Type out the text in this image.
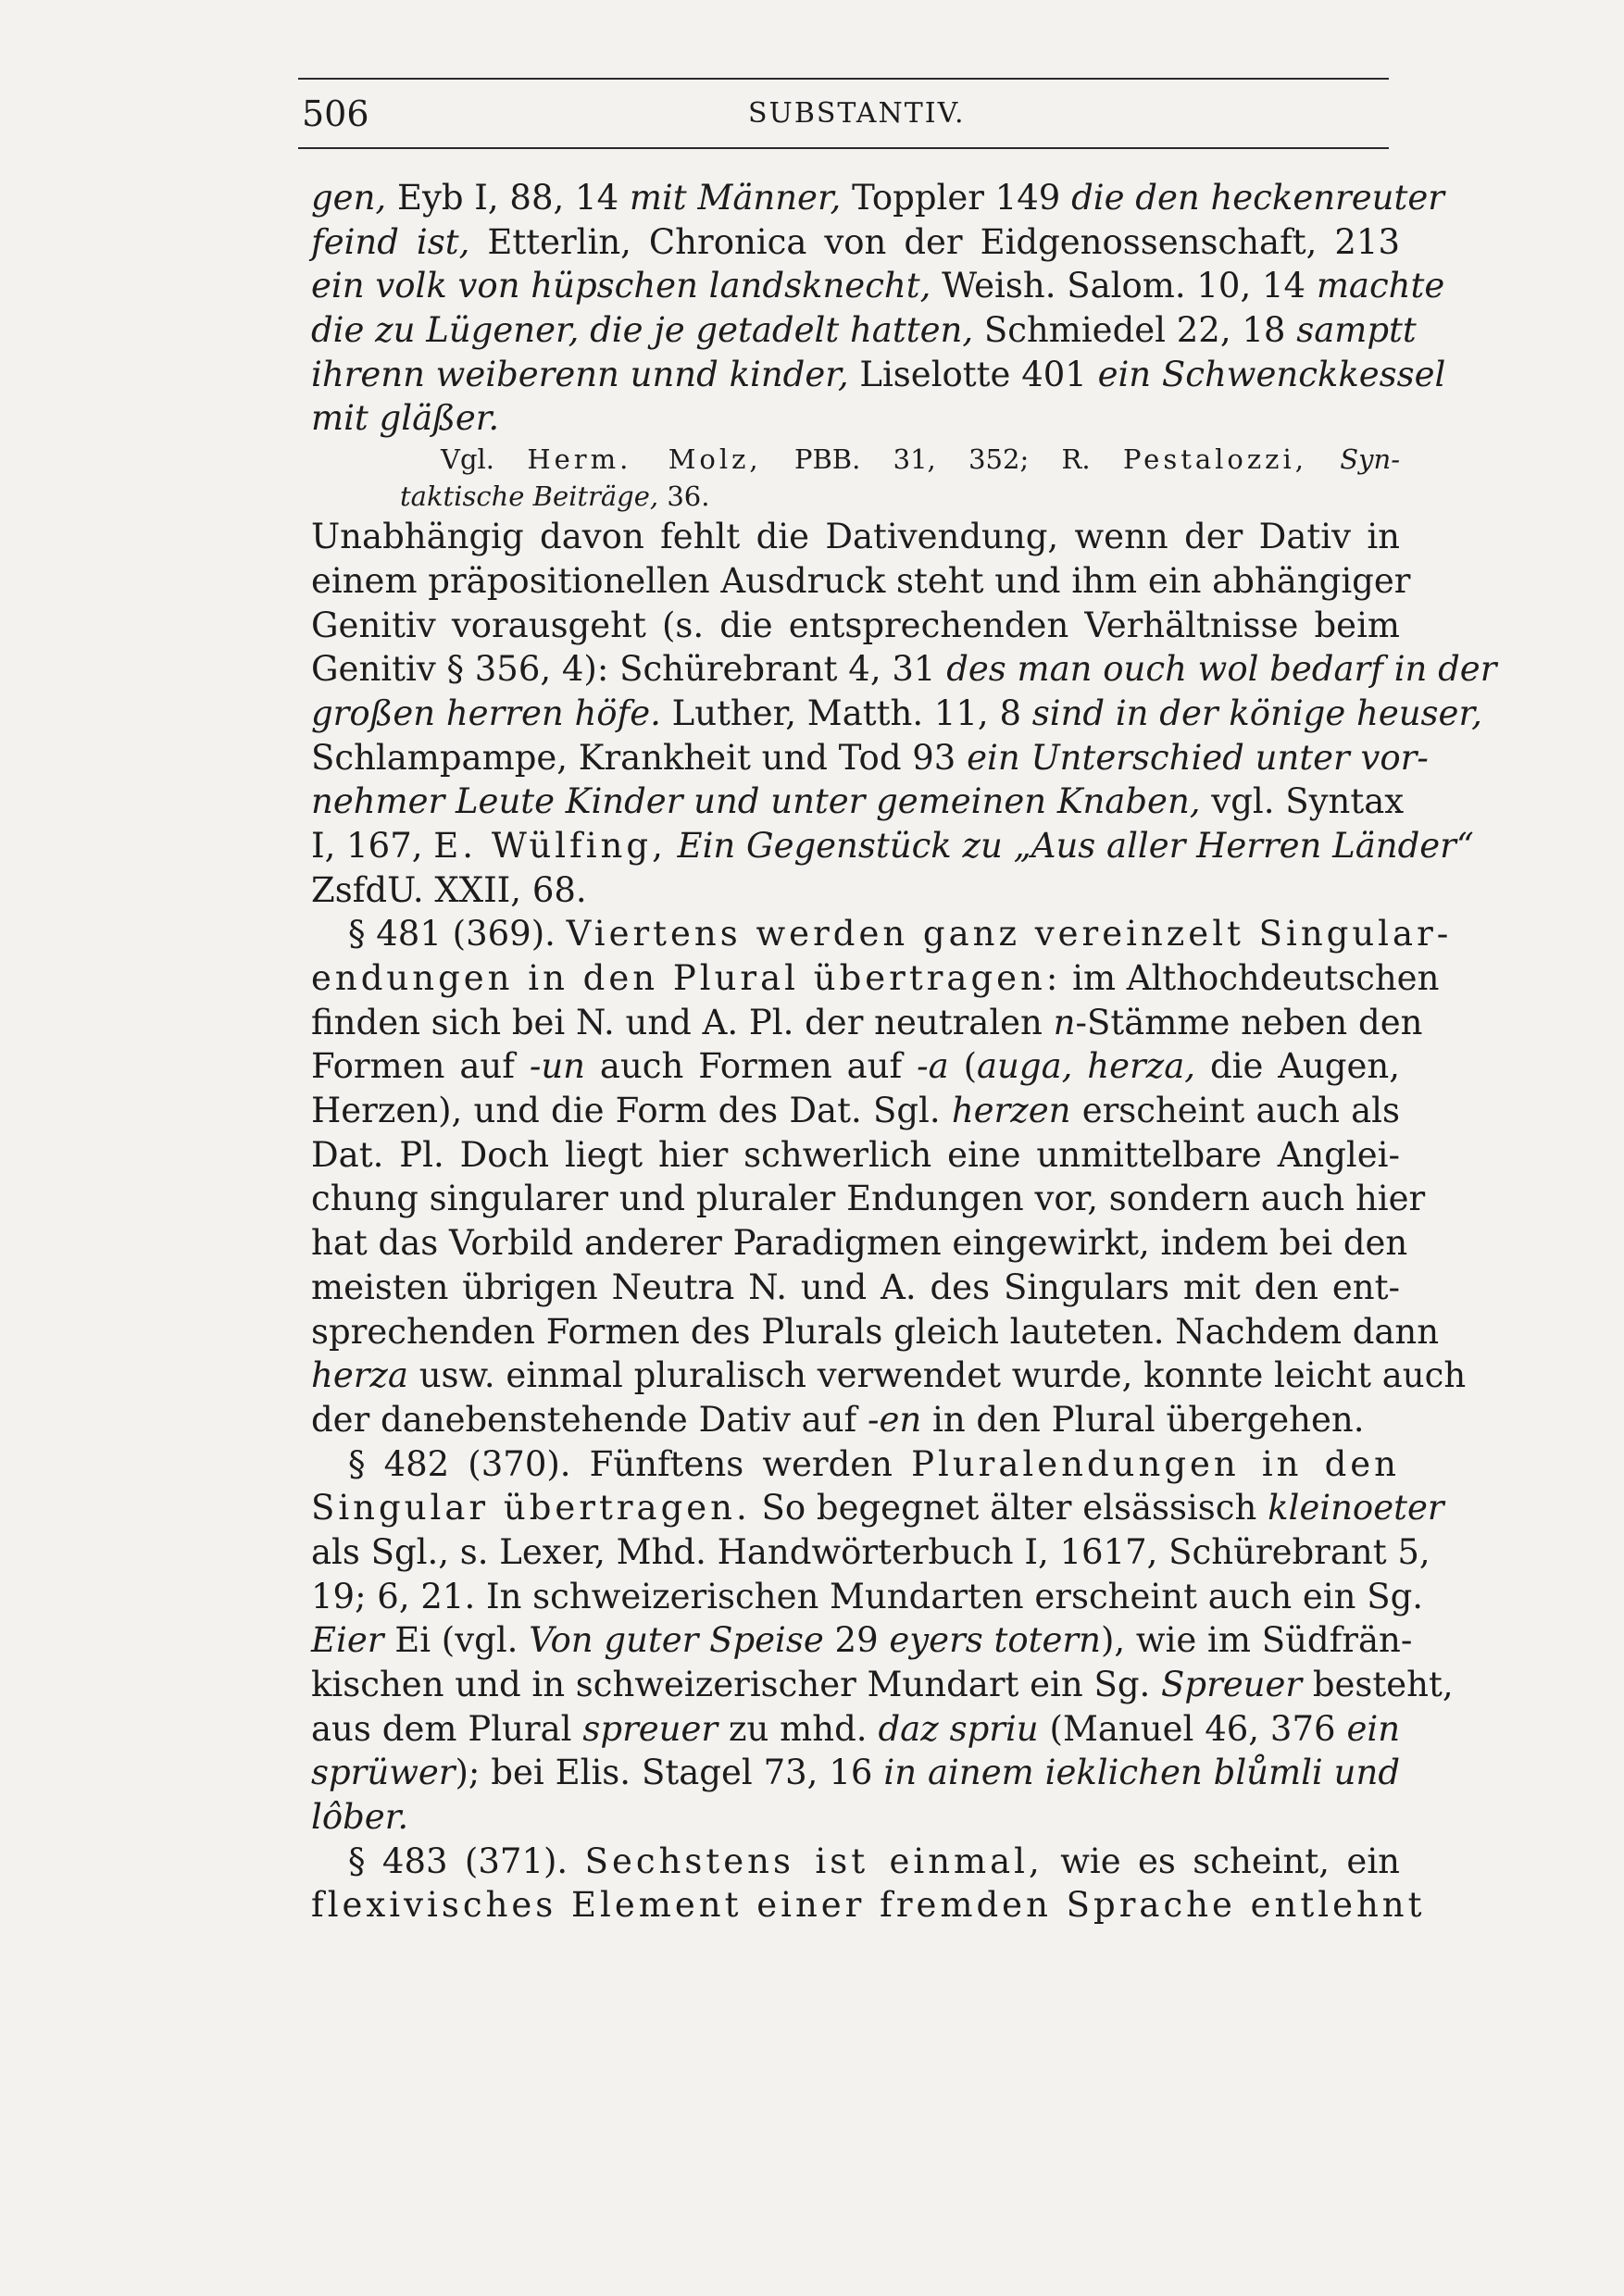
506	SUBSTANTIV.
gen, Eyb I, 88, 14 mit Männer, Toppler 149 die den heckenreuter
feind ist, Etterlin, Chronica von der Eidgenossenschaft, 213
ein volk von hüpschen landsknecht, Weish. Salom. 10, 14 machte
die zu Lügener, die je getadelt hatten, Schmiedel 22, 18 samptt
ihrenn weiberenn unnd kinder, Liselotte 401 ein Schwenckkessel
mit gläßer.
Vgl. Herm. Molz, PBB. 31, 352; R. Pestalozzi, Syn-
taktische Beiträge, 36.
Unabhängig davon fehlt die Dativendung, wenn der Dativ in
einem präpositionellen Ausdruck steht und ihm ein abhängiger
Genitiv vorausgeht (s. die entsprechenden Verhältnisse beim
Genitiv § 356, 4): Schürebrant 4, 31 des man ouch wol bedarf in der
großen herren höfe. Luther, Matth. 11, 8 sind in der könige heuser,
Schlampampe, Krankheit und Tod 93 ein Unterschied unter vor-
nehmer Leute Kinder und unter gemeinen Knaben, vgl. Syntax
I, 167, E. Wülfing, Ein Gegenstück zu „Aus aller Herren Länder“
ZsfdU. XXII, 68.
§ 481 (369). Viertens werden ganz vereinzelt Singular-
endungen in den Plural übertragen: im Althochdeutschen
finden sich bei N. und A. Pl. der neutralen n-Stämme neben den
Formen auf -un auch Formen auf -a (auga, herza, die Augen,
Herzen), und die Form des Dat. Sgl. herzen erscheint auch als
Dat. Pl. Doch liegt hier schwerlich eine unmittelbare Anglei-
chung singularer und pluraler Endungen vor, sondern auch hier
hat das Vorbild anderer Paradigmen eingewirkt, indem bei den
meisten übrigen Neutra N. und A. des Singulars mit den ent-
sprechenden Formen des Plurals gleich lauteten. Nachdem dann
herza usw. einmal pluralisch verwendet wurde, konnte leicht auch
der danebenstehende Dativ auf -en in den Plural übergehen.
§ 482 (370). Fünftens werden Pluralendungen in den
Singular übertragen. So begegnet älter elsässisch kleinoeter
als Sgl., s. Lexer, Mhd. Handwörterbuch I, 1617, Schürebrant 5,
19; 6, 21. In schweizerischen Mundarten erscheint auch ein Sg.
Eier Ei (vgl. Von guter Speise 29 eyers totern), wie im Südfrän-
kischen und in schweizerischer Mundart ein Sg. Spreuer besteht,
aus dem Plural spreuer zu mhd. daz spriu (Manuel 46, 376 ein
sprüwer); bei Elis. Stagel 73, 16 in ainem ieklichen blůmli und
lôber.
§ 483 (371). Sechstens ist einmal, wie es scheint, ein
flexivisches Element einer fremden Sprache entlehnt
